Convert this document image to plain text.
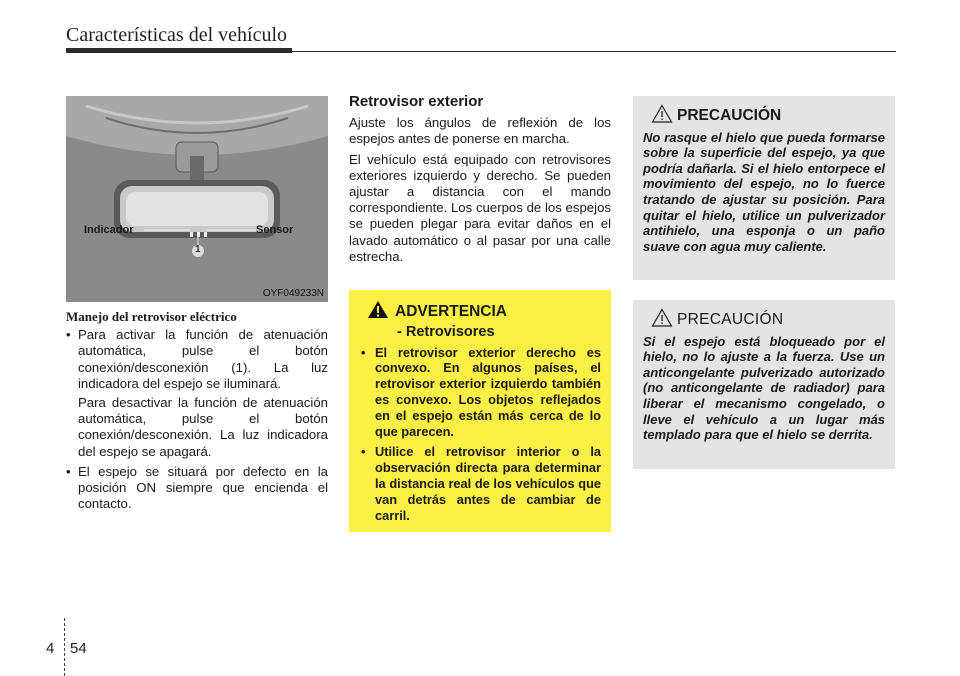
Características del vehículo
Indicador	Sensor
1
OYF049233N
Manejo del retrovisor eléctrico
• Para activar la función de atenuación automática, pulse el botón conexión/desconexión (1). La luz indicadora del espejo se iluminará.
Para desactivar la función de atenuación automática, pulse el botón conexión/desconexión. La luz indicadora del espejo se apagará.
• El espejo se situará por defecto en la posición ON siempre que encienda el contacto.
Retrovisor exterior
Ajuste los ángulos de reflexión de los espejos antes de ponerse en marcha.
El vehículo está equipado con retrovisores exteriores izquierdo y derecho. Se pueden ajustar a distancia con el mando correspondiente. Los cuerpos de los espejos se pueden plegar para evitar daños en el lavado automático o al pasar por una calle estrecha.
ADVERTENCIA
- Retrovisores
• El retrovisor exterior derecho es convexo. En algunos países, el retrovisor exterior izquierdo también es convexo. Los objetos reflejados en el espejo están más cerca de lo que parecen.
• Utilice el retrovisor interior o la observación directa para determinar la distancia real de los vehículos que van detrás antes de cambiar de carril.
PRECAUCIÓN
No rasque el hielo que pueda formarse sobre la superficie del espejo, ya que podría dañarla. Si el hielo entorpece el movimiento del espejo, no lo fuerce tratando de ajustar su posición. Para quitar el hielo, utilice un pulverizador antihielo, una esponja o un paño suave con agua muy caliente.
PRECAUCIÓN
Si el espejo está bloqueado por el hielo, no lo ajuste a la fuerza. Use un anticongelante pulverizado autorizado (no anticongelante de radiador) para liberar el mecanismo congelado, o lleve el vehículo a un lugar más templado para que el hielo se derrita.
4 54
